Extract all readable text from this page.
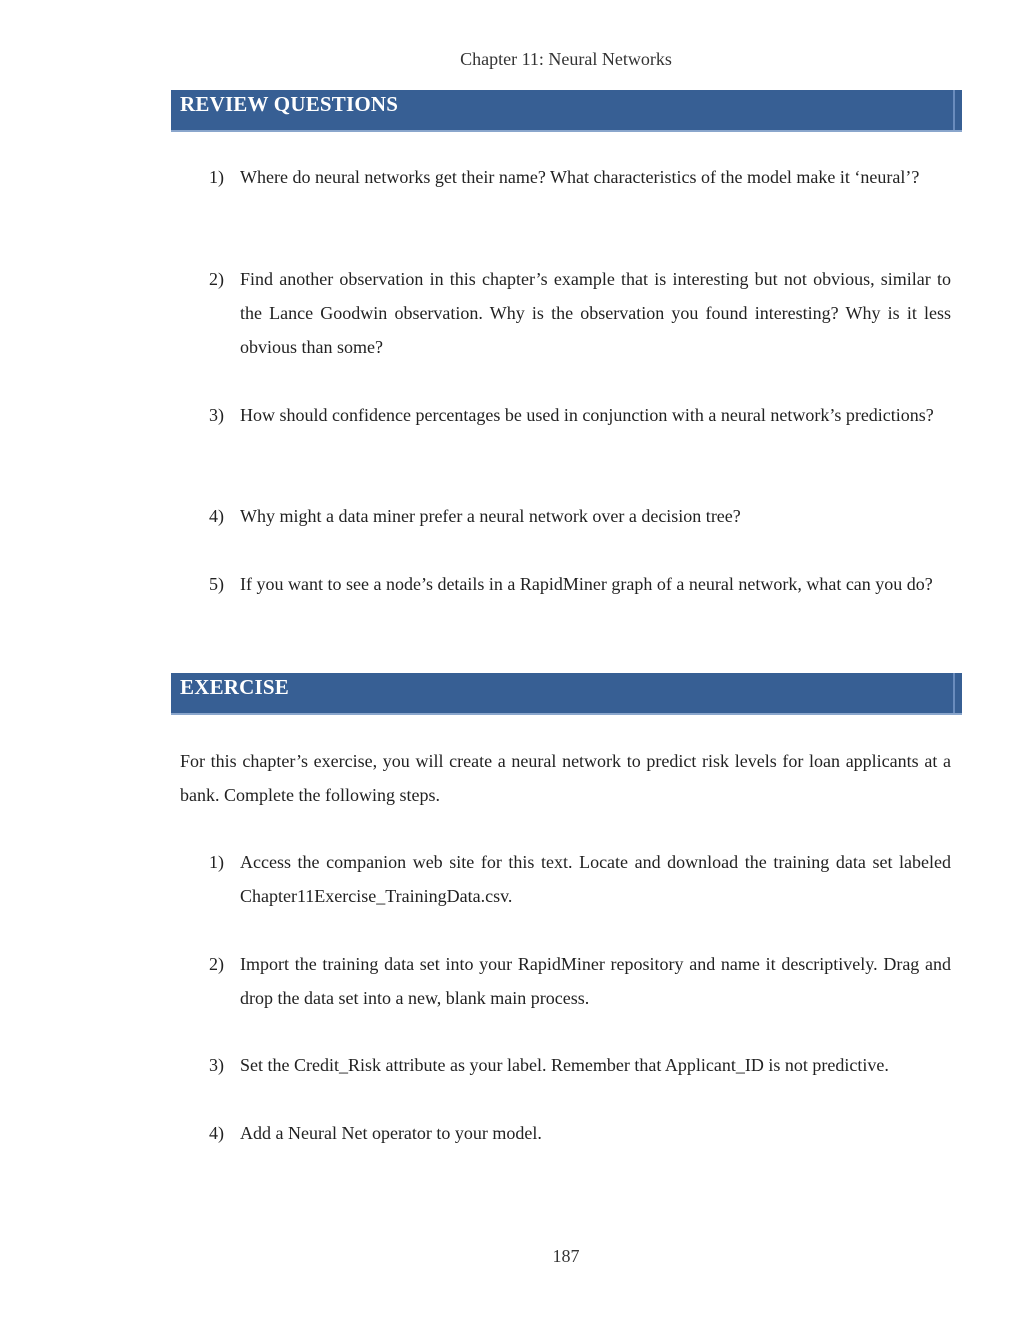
Chapter 11: Neural Networks
REVIEW QUESTIONS
1) Where do neural networks get their name? What characteristics of the model make it ‘neural’?
2) Find another observation in this chapter’s example that is interesting but not obvious, similar to the Lance Goodwin observation. Why is the observation you found interesting? Why is it less obvious than some?
3) How should confidence percentages be used in conjunction with a neural network’s predictions?
4) Why might a data miner prefer a neural network over a decision tree?
5) If you want to see a node’s details in a RapidMiner graph of a neural network, what can you do?
EXERCISE
For this chapter’s exercise, you will create a neural network to predict risk levels for loan applicants at a bank. Complete the following steps.
1) Access the companion web site for this text. Locate and download the training data set labeled Chapter11Exercise_TrainingData.csv.
2) Import the training data set into your RapidMiner repository and name it descriptively. Drag and drop the data set into a new, blank main process.
3) Set the Credit_Risk attribute as your label. Remember that Applicant_ID is not predictive.
4) Add a Neural Net operator to your model.
187
